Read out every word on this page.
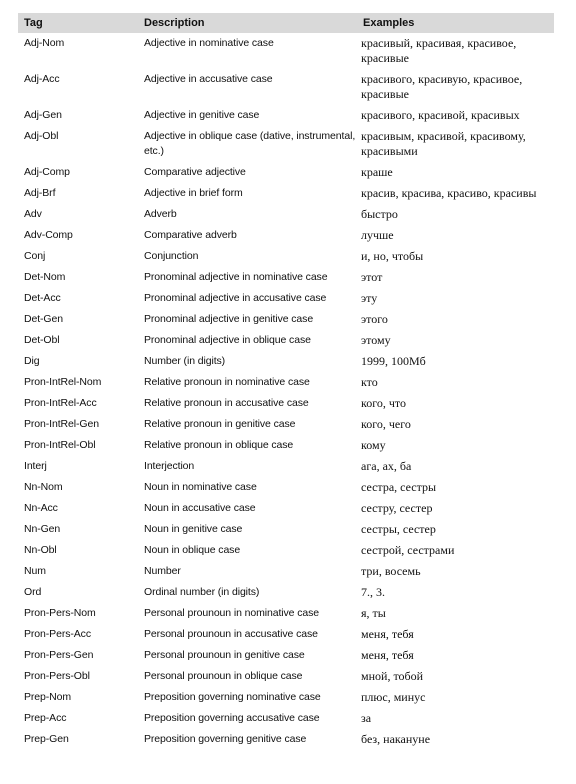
Tag	Description	Examples
Adj-Nom	Adjective in nominative case	красивый, красивая, красивое, красивые
Adj-Acc	Adjective in accusative case	красивого, красивую, красивое, красивые
Adj-Gen	Adjective in genitive case	красивого, красивой, красивых
Adj-Obl	Adjective in oblique case (dative, instrumental, etc.)	красивым, красивой, красивому, красивыми
Adj-Comp	Comparative adjective	краше
Adj-Brf	Adjective in brief form	красив, красива, красиво, красивы
Adv	Adverb	быстро
Adv-Comp	Comparative adverb	лучше
Conj	Conjunction	и, но, чтобы
Det-Nom	Pronominal adjective in nominative case	этот
Det-Acc	Pronominal adjective in accusative case	эту
Det-Gen	Pronominal adjective in genitive case	этого
Det-Obl	Pronominal adjective in oblique case	этому
Dig	Number (in digits)	1999, 100Мб
Pron-IntRel-Nom	Relative pronoun in nominative case	кто
Pron-IntRel-Acc	Relative pronoun in accusative case	кого, что
Pron-IntRel-Gen	Relative pronoun in genitive case	кого, чего
Pron-IntRel-Obl	Relative pronoun in oblique case	кому
Interj	Interjection	ага, ах, ба
Nn-Nom	Noun in nominative case	сестра, сестры
Nn-Acc	Noun in accusative case	сестру, сестер
Nn-Gen	Noun in genitive case	сестры, сестер
Nn-Obl	Noun in oblique case	сестрой, сестрами
Num	Number	три, восемь
Ord	Ordinal number (in digits)	7., 3.
Pron-Pers-Nom	Personal prounoun in nominative case	я, ты
Pron-Pers-Acc	Personal prounoun in accusative case	меня, тебя
Pron-Pers-Gen	Personal prounoun in genitive case	меня, тебя
Pron-Pers-Obl	Personal prounoun in oblique case	мной, тобой
Prep-Nom	Preposition governing nominative case	плюс, минус
Prep-Acc	Preposition governing accusative case	за
Prep-Gen	Preposition governing genitive case	без, накануне
